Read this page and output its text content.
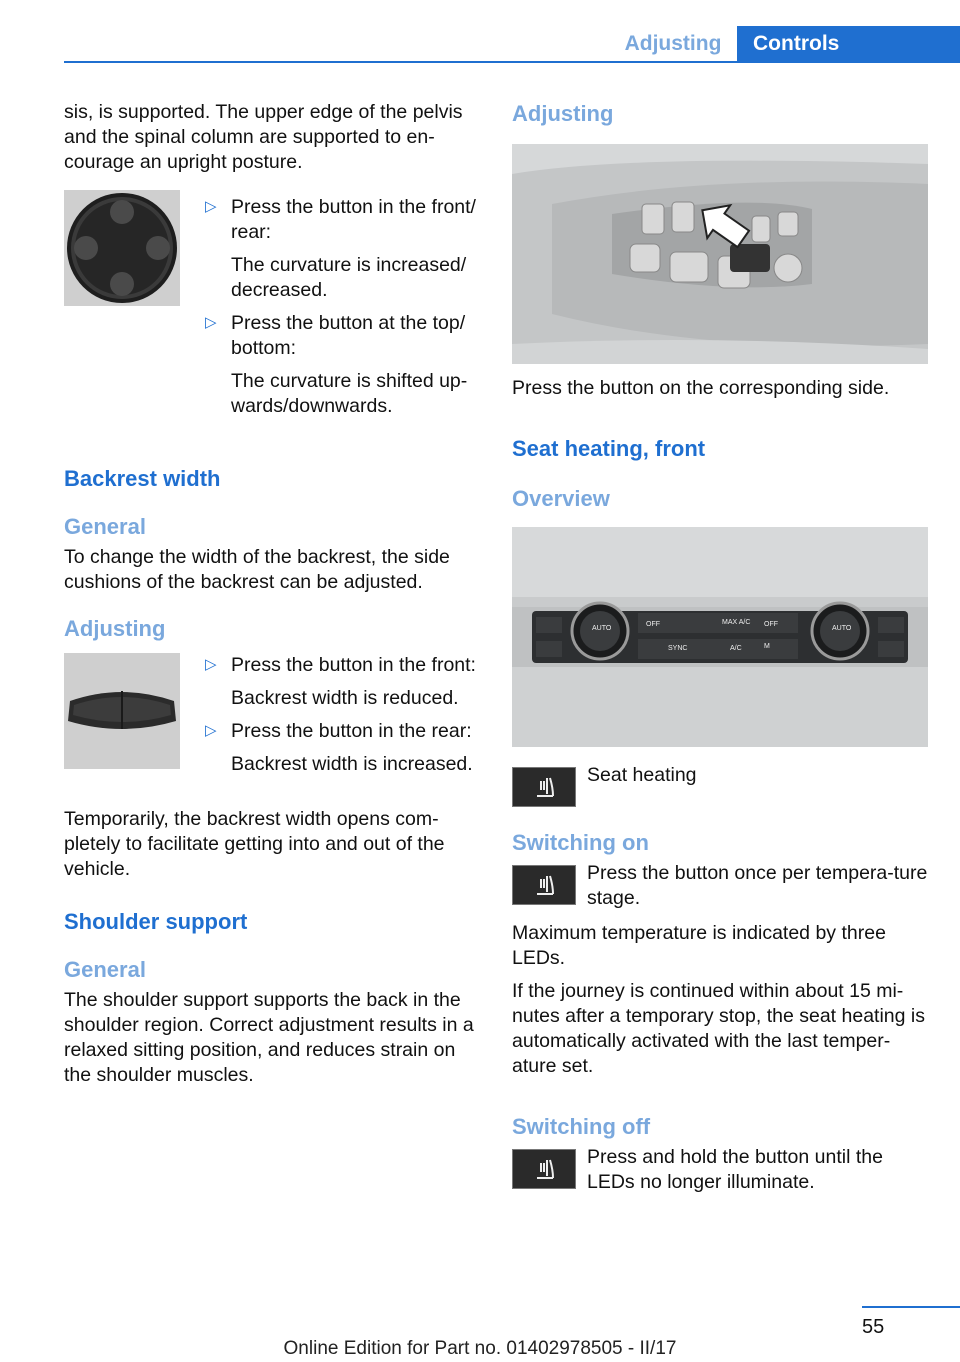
Adjusting	Controls

sis, is supported. The upper edge of the pelvis and the spinal column are supported to en‐courage an upright posture.

▷ Press the button in the front/ rear:

The curvature is increased/ decreased.

▷ Press the button at the top/ bottom:

The curvature is shifted up‐wards/downwards.

Backrest width
General

To change the width of the backrest, the side cushions of the backrest can be adjusted.

Adjusting
▷ Press the button in the front:

Backrest width is reduced.

▷ Press the button in the rear:

Backrest width is increased.

Temporarily, the backrest width opens com‐pletely to facilitate getting into and out of the vehicle.

Shoulder support
General

The shoulder support supports the back in the shoulder region. Correct adjustment results in a relaxed sitting position, and reduces strain on the shoulder muscles.

Adjusting

Press the button on the corresponding side.

Seat heating, front
Overview
AUTO	AUTO
OFF	MAX A/C OFF
SYNC	A/C	M

Seat heating

Switching on

Press the button once per tempera‐ture stage.

Maximum temperature is indicated by three LEDs.

If the journey is continued within about 15 mi‐nutes after a temporary stop, the seat heating is automatically activated with the last temper‐ature set.

Switching off

Press and hold the button until the LEDs no longer illuminate.

55
Online Edition for Part no. 01402978505 - II/17
